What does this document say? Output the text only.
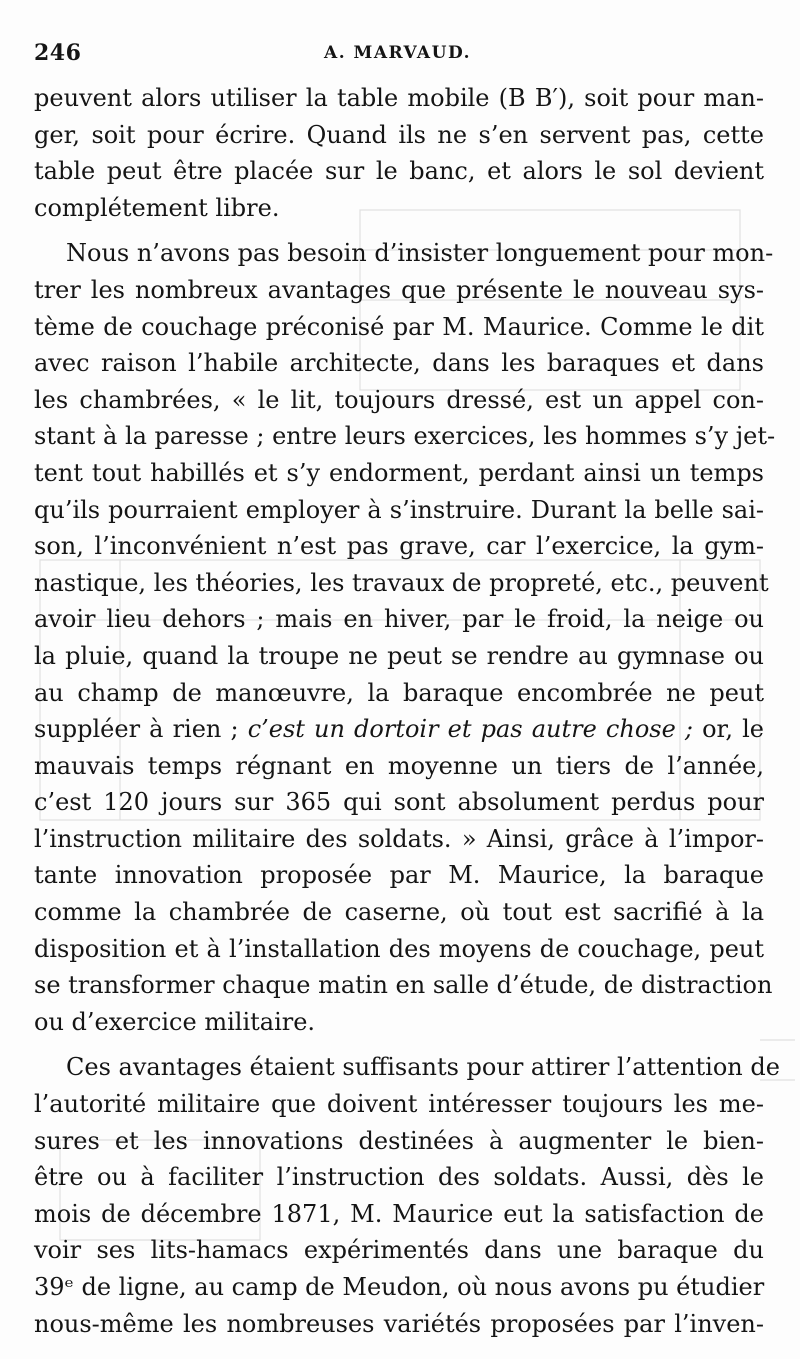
246	A. MARVAUD.
peuvent alors utiliser la table mobile (B B′), soit pour man-
ger, soit pour écrire. Quand ils ne s’en servent pas, cette
table peut être placée sur le banc, et alors le sol devient
complétement libre.
Nous n’avons pas besoin d’insister longuement pour mon-
trer les nombreux avantages que présente le nouveau sys-
tème de couchage préconisé par M. Maurice. Comme le dit
avec raison l’habile architecte, dans les baraques et dans
les chambrées, « le lit, toujours dressé, est un appel con-
stant à la paresse ; entre leurs exercices, les hommes s’y jet-
tent tout habillés et s’y endorment, perdant ainsi un temps
qu’ils pourraient employer à s’instruire. Durant la belle sai-
son, l’inconvénient n’est pas grave, car l’exercice, la gym-
nastique, les théories, les travaux de propreté, etc., peuvent
avoir lieu dehors ; mais en hiver, par le froid, la neige ou
la pluie, quand la troupe ne peut se rendre au gymnase ou
au champ de manœuvre, la baraque encombrée ne peut
suppléer à rien ; c’est un dortoir et pas autre chose ; or, le
mauvais temps régnant en moyenne un tiers de l’année,
c’est 120 jours sur 365 qui sont absolument perdus pour
l’instruction militaire des soldats. » Ainsi, grâce à l’impor-
tante innovation proposée par M. Maurice, la baraque
comme la chambrée de caserne, où tout est sacrifié à la
disposition et à l’installation des moyens de couchage, peut
se transformer chaque matin en salle d’étude, de distraction
ou d’exercice militaire.
Ces avantages étaient suffisants pour attirer l’attention de
l’autorité militaire que doivent intéresser toujours les me-
sures et les innovations destinées à augmenter le bien-
être ou à faciliter l’instruction des soldats. Aussi, dès le
mois de décembre 1871, M. Maurice eut la satisfaction de
voir ses lits-hamacs expérimentés dans une baraque du
39ᵉ de ligne, au camp de Meudon, où nous avons pu étudier
nous-même les nombreuses variétés proposées par l’inven-
